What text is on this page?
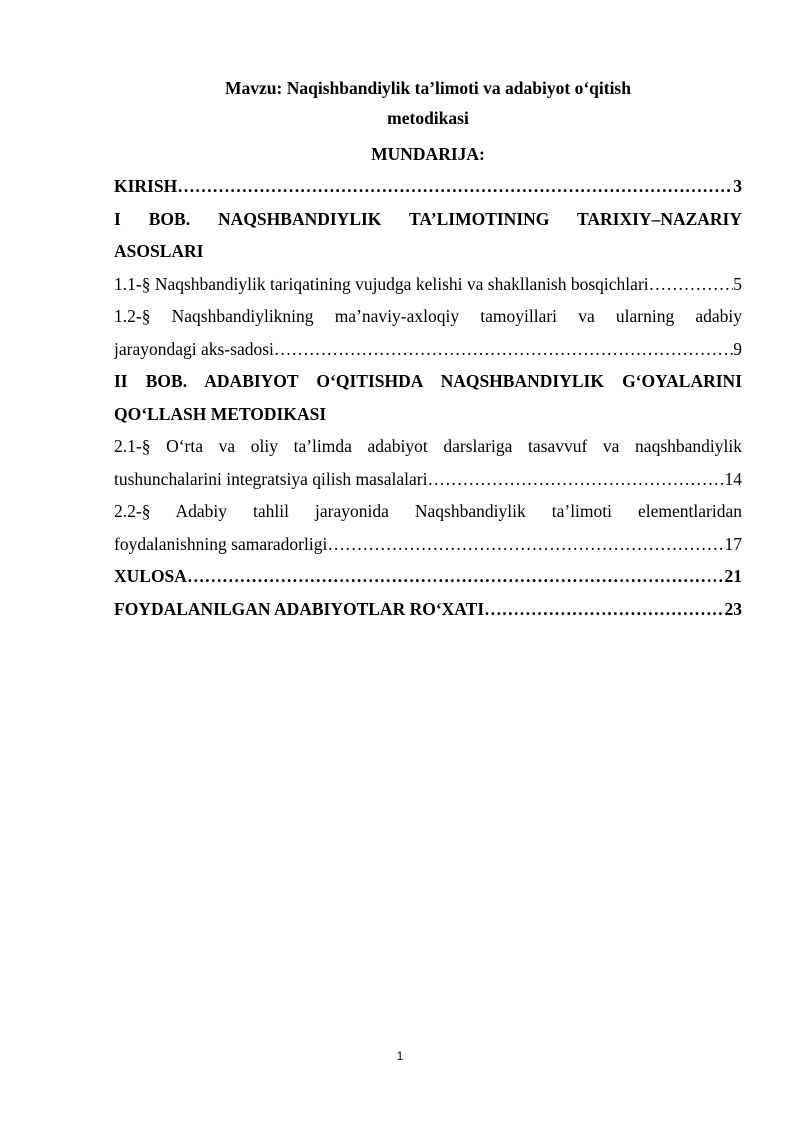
Mavzu: Naqishbandiylik ta’limoti va adabiyot o‘qitish
metodikasi
MUNDARIJA:
KIRISH ……………………………………………………………………………………………………………………………………………………………………………………………	3
I BOB. NAQSHBANDIYLIK TA’LIMOTINING TARIXIY–NAZARIY
ASOSLARI
1.1-§ Naqshbandiylik tariqatining vujudga kelishi va shakllanish bosqichlari ……………………………………………………………………………………………………………………………………………………………………………………………	5
1.2-§ Naqshbandiylikning ma’naviy-axloqiy tamoyillari va ularning adabiy
jarayondagi aks-sadosi ……………………………………………………………………………………………………………………………………………………………………………………………	9
II BOB. ADABIYOT O‘QITISHDA NAQSHBANDIYLIK G‘OYALARINI
QO‘LLASH METODIKASI
2.1-§ O‘rta va oliy ta’limda adabiyot darslariga tasavvuf va naqshbandiylik
tushunchalarini integratsiya qilish masalalari ……………………………………………………………………………………………………………………………………………………………………………………………	14
2.2-§ Adabiy tahlil jarayonida Naqshbandiylik ta’limoti elementlaridan
foydalanishning samaradorligi ……………………………………………………………………………………………………………………………………………………………………………………………	17
XULOSA ……………………………………………………………………………………………………………………………………………………………………………………………	21
FOYDALANILGAN ADABIYOTLAR RO‘XATI ……………………………………………………………………………………………………………………………………………………………………………………………	23
1
